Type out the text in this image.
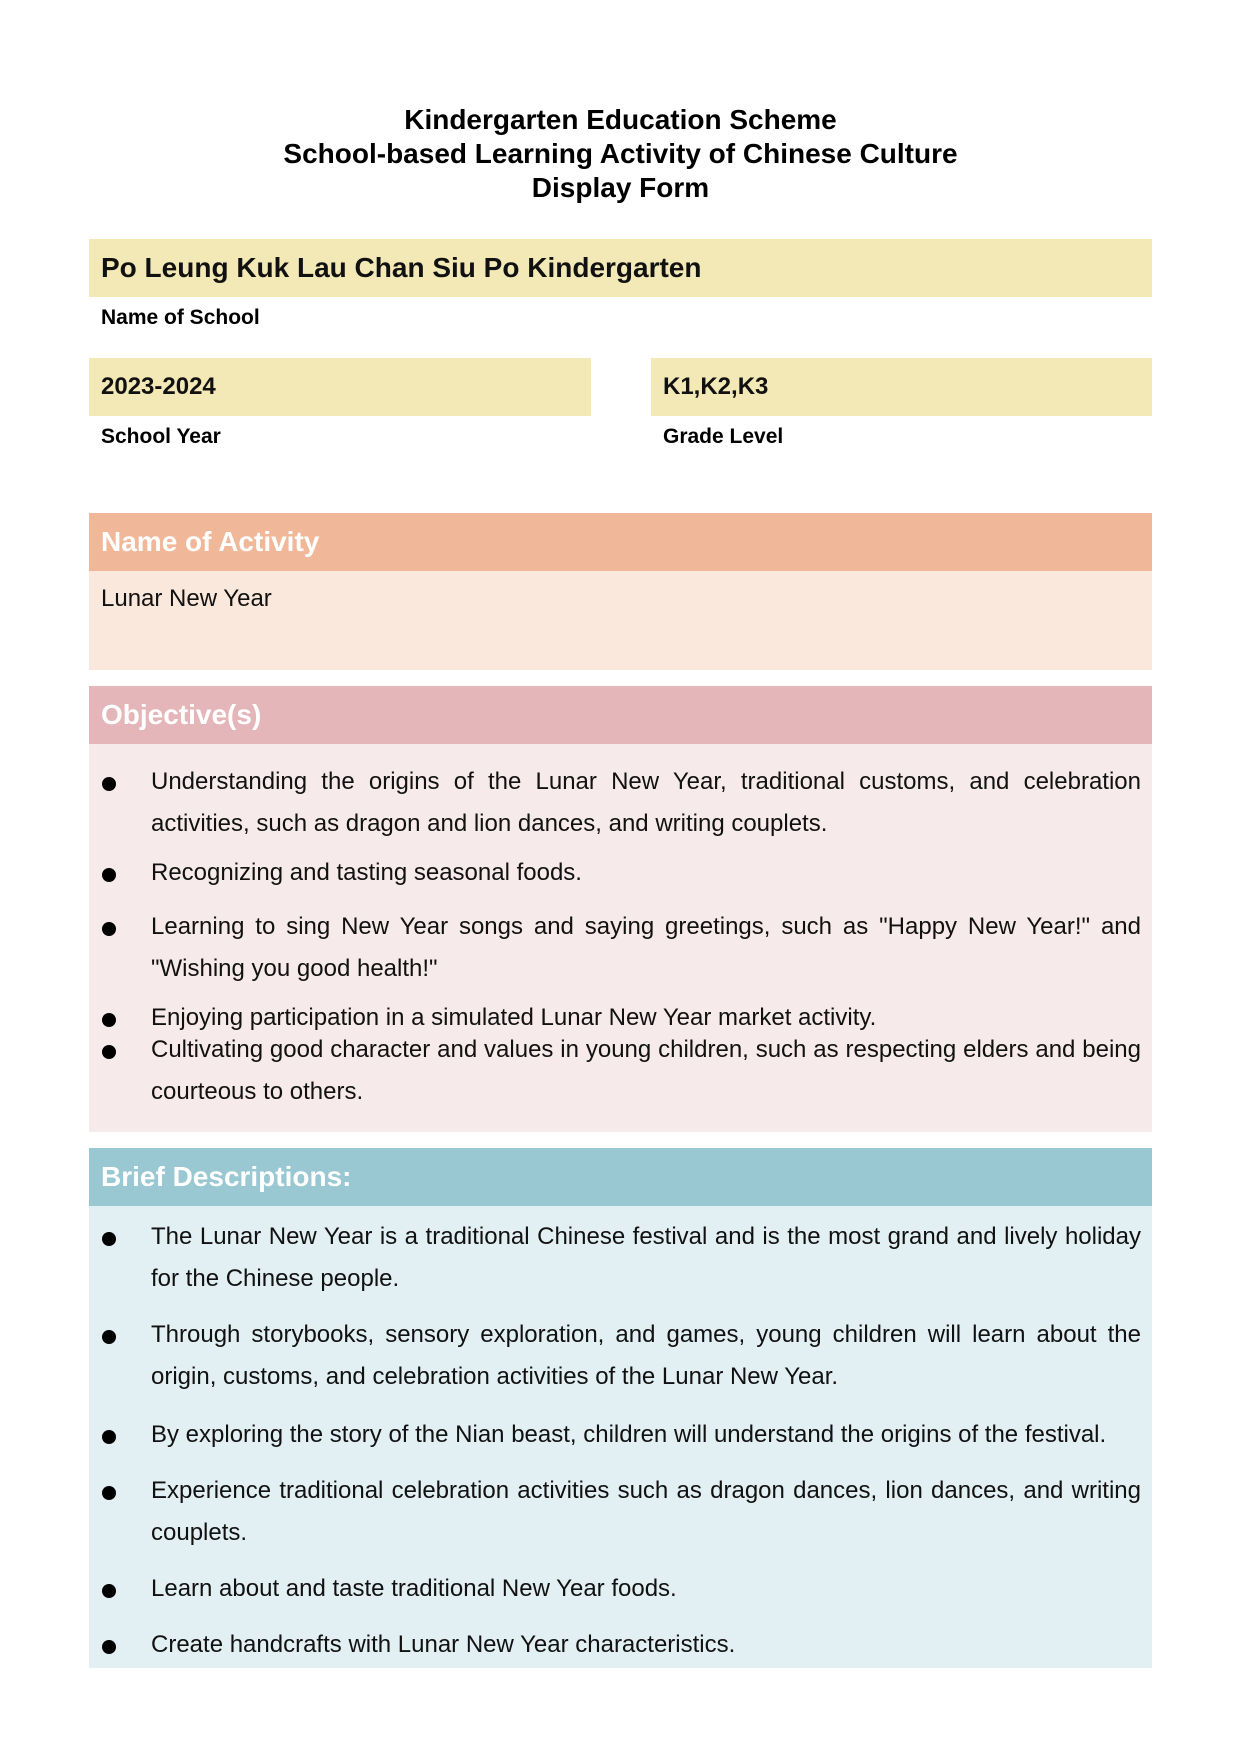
Kindergarten Education Scheme
School-based Learning Activity of Chinese Culture
Display Form
Po Leung Kuk Lau Chan Siu Po Kindergarten
Name of School
2023-2024
School Year
K1,K2,K3
Grade Level
Name of Activity
Lunar New Year
Objective(s)
Understanding the origins of the Lunar New Year, traditional customs, and celebration activities, such as dragon and lion dances, and writing couplets.
Recognizing and tasting seasonal foods.
Learning to sing New Year songs and saying greetings, such as "Happy New Year!" and "Wishing you good health!"
Enjoying participation in a simulated Lunar New Year market activity.
Cultivating good character and values in young children, such as respecting elders and being courteous to others.
Brief Descriptions:
The Lunar New Year is a traditional Chinese festival and is the most grand and lively holiday for the Chinese people.
Through storybooks, sensory exploration, and games, young children will learn about the origin, customs, and celebration activities of the Lunar New Year.
By exploring the story of the Nian beast, children will understand the origins of the festival.
Experience traditional celebration activities such as dragon dances, lion dances, and writing couplets.
Learn about and taste traditional New Year foods.
Create handcrafts with Lunar New Year characteristics.
